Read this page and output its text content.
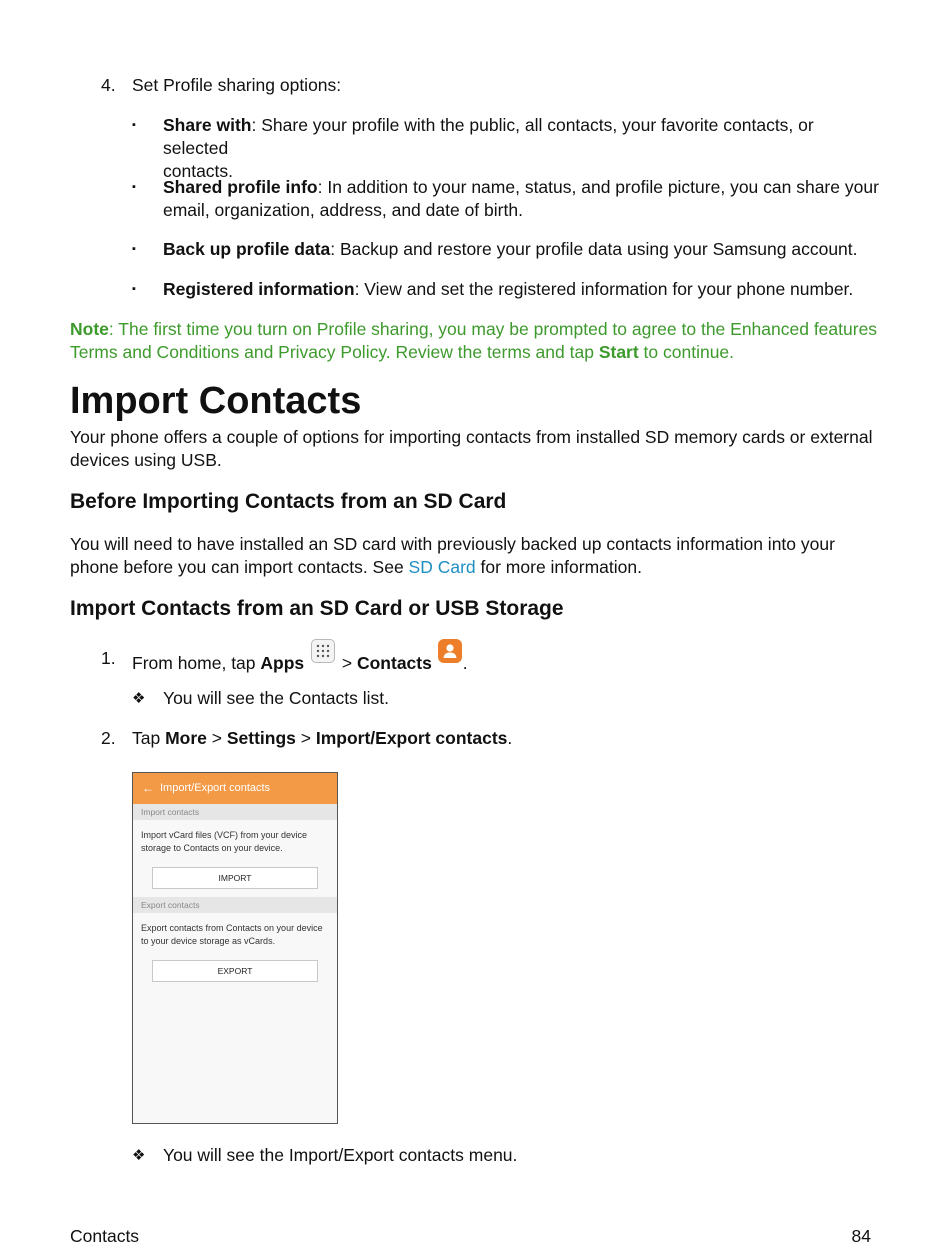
4. Set Profile sharing options:
▪ Share with: Share your profile with the public, all contacts, your favorite contacts, or selected
contacts.
▪ Shared profile info: In addition to your name, status, and profile picture, you can share your
email, organization, address, and date of birth.
▪ Back up profile data: Backup and restore your profile data using your Samsung account.
▪ Registered information: View and set the registered information for your phone number.
Note: The first time you turn on Profile sharing, you may be prompted to agree to the Enhanced features
Terms and Conditions and Privacy Policy. Review the terms and tap Start to continue.
Import Contacts
Your phone offers a couple of options for importing contacts from installed SD memory cards or external
devices using USB.
Before Importing Contacts from an SD Card
You will need to have installed an SD card with previously backed up contacts information into your
phone before you can import contacts. See SD Card for more information.
Import Contacts from an SD Card or USB Storage
1. From home, tap Apps
> Contacts .
❖ You will see the Contacts list.
2. Tap More > Settings > Import/Export contacts.
← Import/Export contacts
Import contacts
Import vCard files (VCF) from your device
storage to Contacts on your device.
IMPORT
Export contacts
Export contacts from Contacts on your device
to your device storage as vCards.
EXPORT
❖ You will see the Import/Export contacts menu.
Contacts	84
